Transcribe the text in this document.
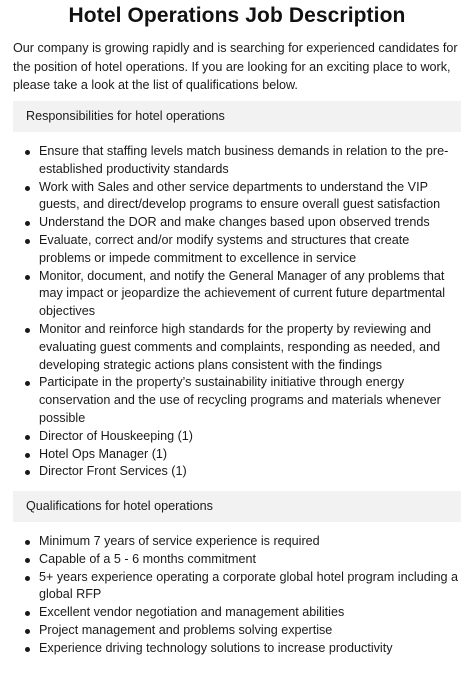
Hotel Operations Job Description

Our company is growing rapidly and is searching for experienced candidates for the position of hotel operations. If you are looking for an exciting place to work, please take a look at the list of qualifications below.

Responsibilities for hotel operations
Ensure that staffing levels match business demands in relation to the pre-established productivity standards
Work with Sales and other service departments to understand the VIP guests, and direct/develop programs to ensure overall guest satisfaction
Understand the DOR and make changes based upon observed trends
Evaluate, correct and/or modify systems and structures that create problems or impede commitment to excellence in service
Monitor, document, and notify the General Manager of any problems that may impact or jeopardize the achievement of current future departmental objectives
Monitor and reinforce high standards for the property by reviewing and evaluating guest comments and complaints, responding as needed, and developing strategic actions plans consistent with the findings
Participate in the property’s sustainability initiative through energy conservation and the use of recycling programs and materials whenever possible
Director of Houskeeping (1)
Hotel Ops Manager (1)
Director Front Services (1)
Qualifications for hotel operations
Minimum 7 years of service experience is required
Capable of a 5 - 6 months commitment
5+ years experience operating a corporate global hotel program including a global RFP
Excellent vendor negotiation and management abilities
Project management and problems solving expertise
Experience driving technology solutions to increase productivity
